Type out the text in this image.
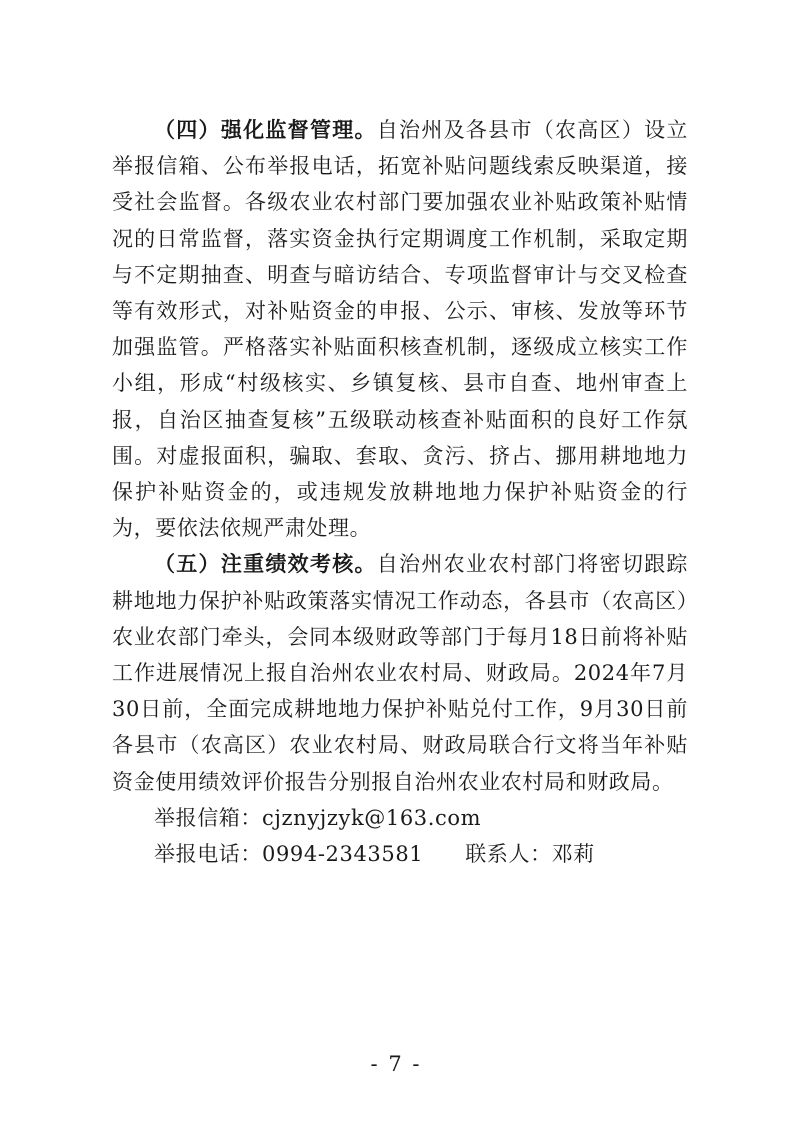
（四）强化监督管理。自治州及各县市（农高区）设立举报信箱、公布举报电话，拓宽补贴问题线索反映渠道，接受社会监督。各级农业农村部门要加强农业补贴政策补贴情况的日常监督，落实资金执行定期调度工作机制，采取定期与不定期抽查、明查与暗访结合、专项监督审计与交叉检查等有效形式，对补贴资金的申报、公示、审核、发放等环节加强监管。严格落实补贴面积核查机制，逐级成立核实工作小组，形成“村级核实、乡镇复核、县市自查、地州审查上报，自治区抽查复核”五级联动核查补贴面积的良好工作氛围。对虚报面积，骗取、套取、贪污、挤占、挪用耕地地力保护补贴资金的，或违规发放耕地地力保护补贴资金的行为，要依法依规严肃处理。

（五）注重绩效考核。自治州农业农村部门将密切跟踪耕地地力保护补贴政策落实情况工作动态，各县市（农高区）农业农部门牵头，会同本级财政等部门于每月18日前将补贴工作进展情况上报自治州农业农村局、财政局。2024年7月30日前，全面完成耕地地力保护补贴兑付工作，9月30日前各县市（农高区）农业农村局、财政局联合行文将当年补贴资金使用绩效评价报告分别报自治州农业农村局和财政局。

举报信箱：cjznyjzyk@163.com

举报电话：0994-2343581 联系人：邓莉

- 7 -
